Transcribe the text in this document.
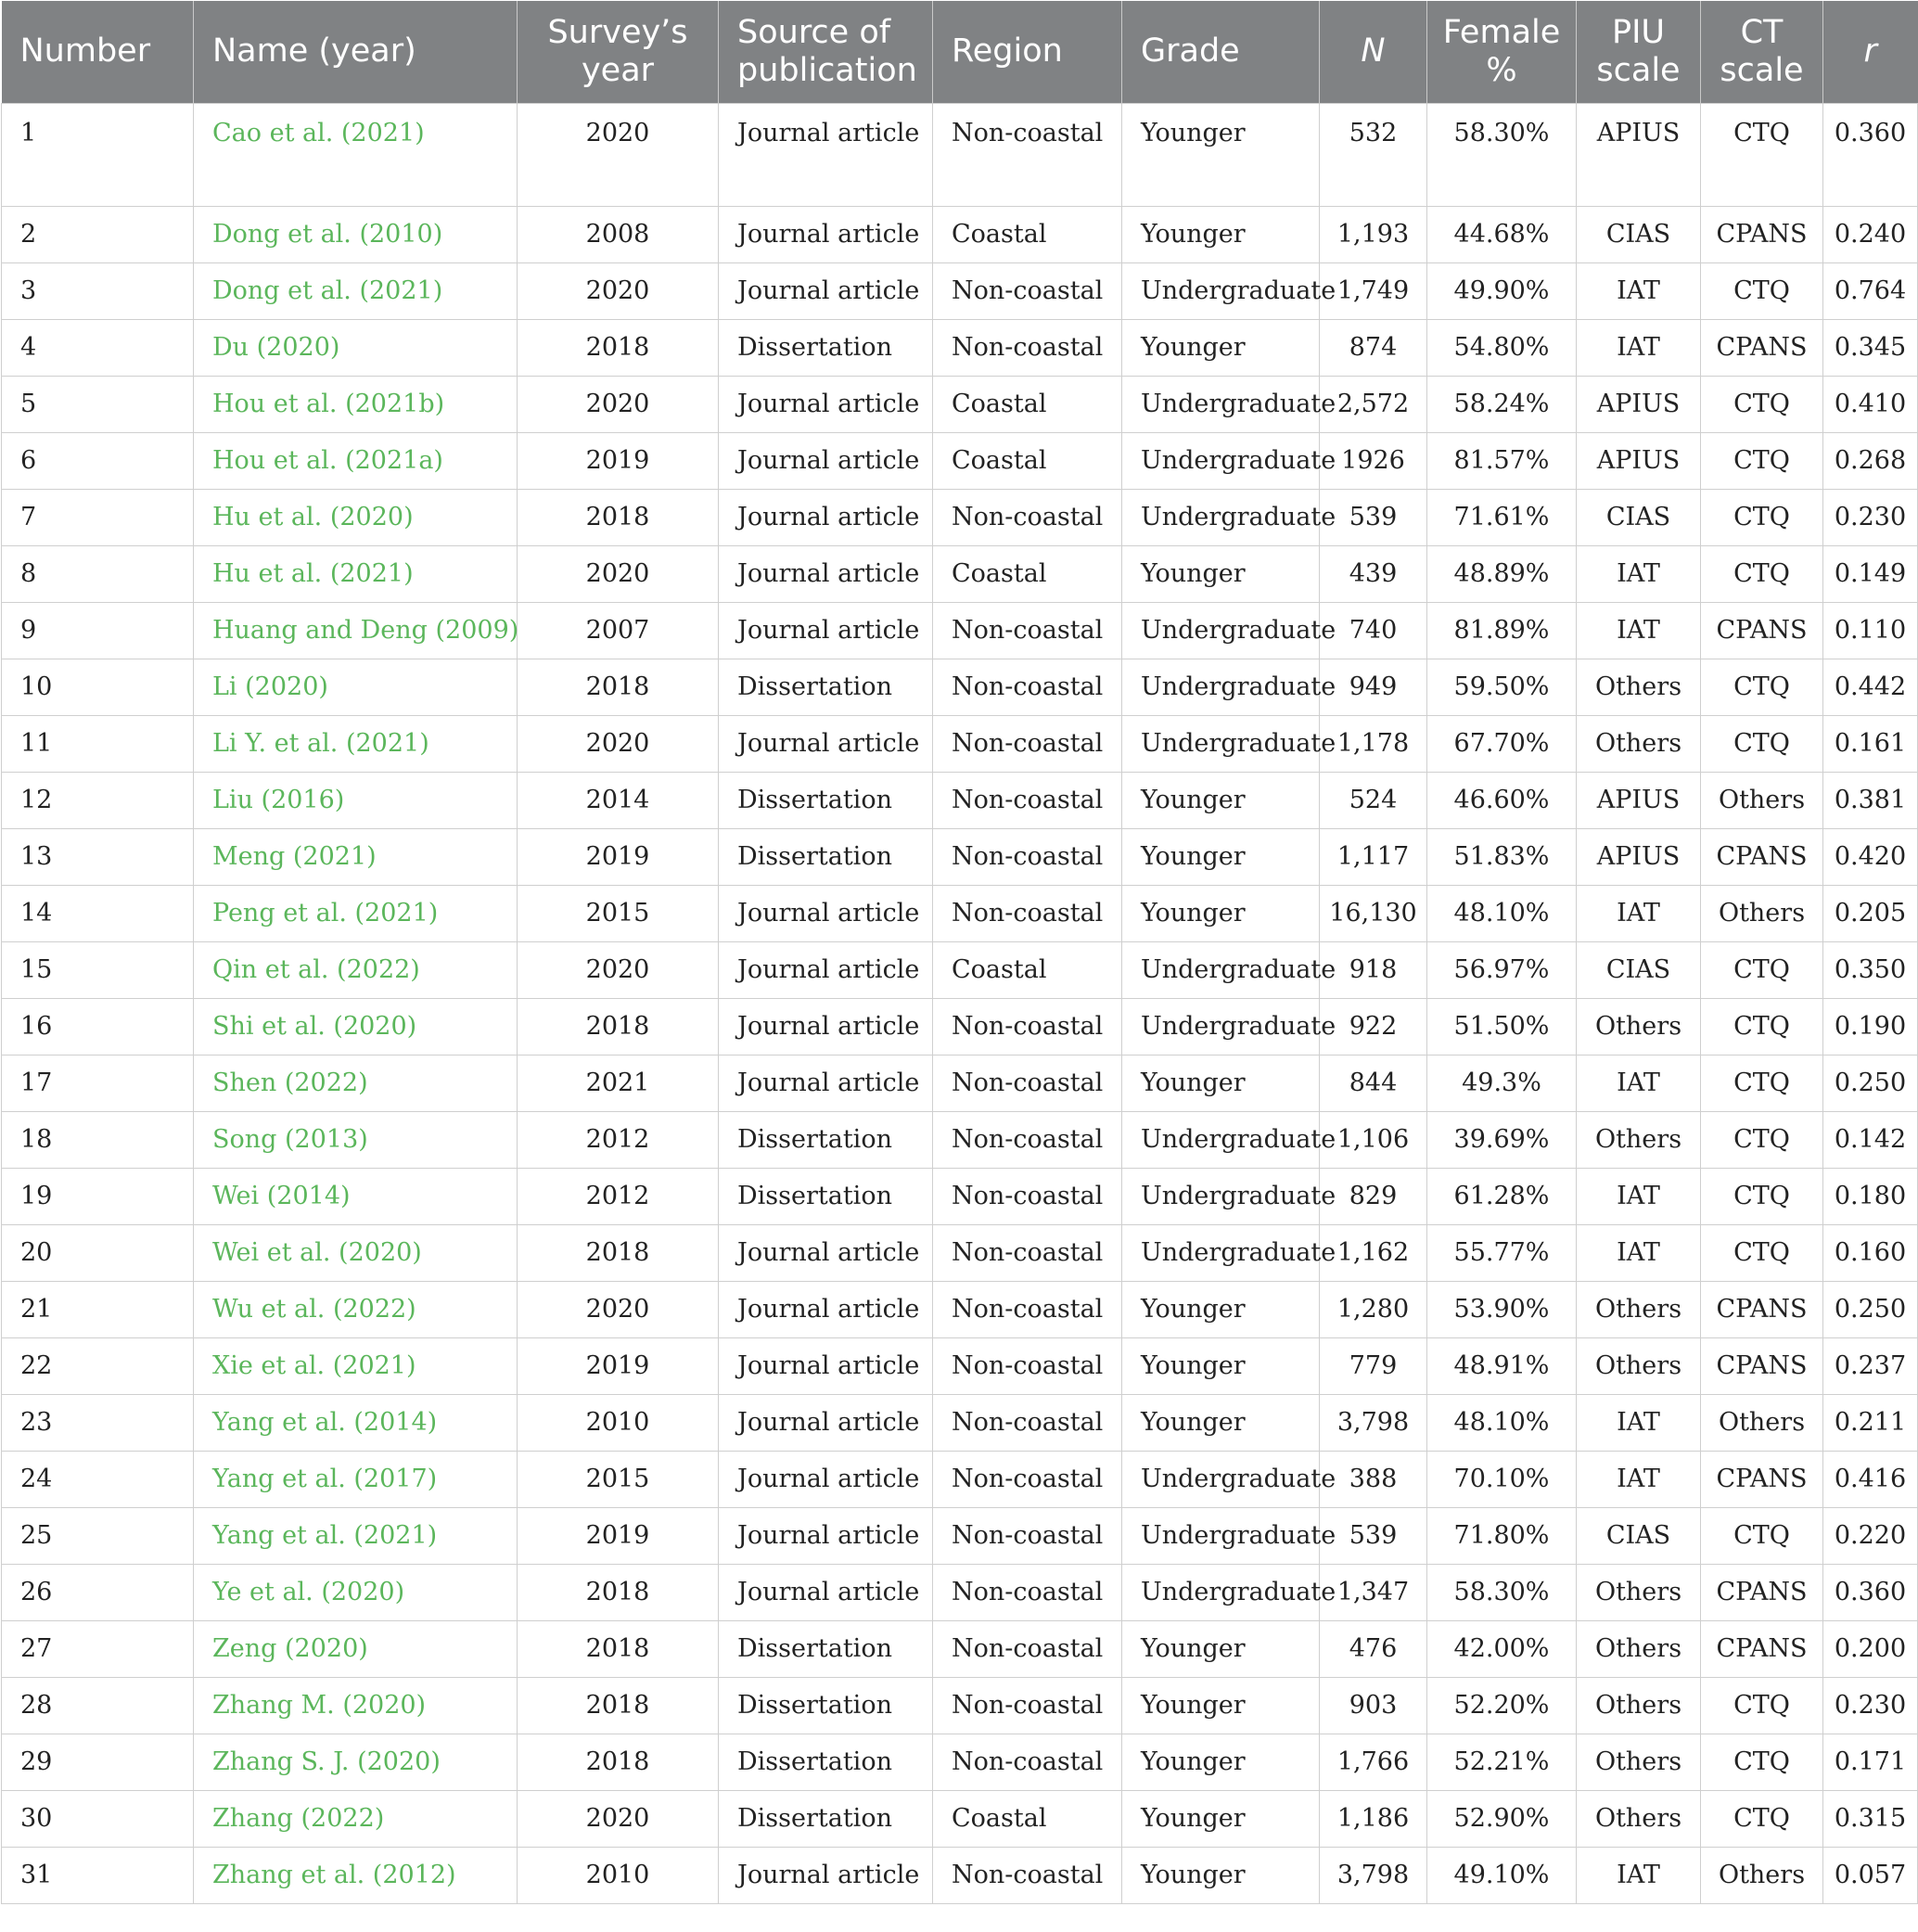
Number	Name (year)	Survey’s year	Source of publication	Region	Grade	N	Female %	PIU scale	CT scale	r
1	Cao et al. (2021)	2020	Journal article	Non-coastal	Younger	532	58.30%	APIUS	CTQ	0.360
2	Dong et al. (2010)	2008	Journal article	Coastal	Younger	1,193	44.68%	CIAS	CPANS	0.240
3	Dong et al. (2021)	2020	Journal article	Non-coastal	Undergraduate	1,749	49.90%	IAT	CTQ	0.764
4	Du (2020)	2018	Dissertation	Non-coastal	Younger	874	54.80%	IAT	CPANS	0.345
5	Hou et al. (2021b)	2020	Journal article	Coastal	Undergraduate	2,572	58.24%	APIUS	CTQ	0.410
6	Hou et al. (2021a)	2019	Journal article	Coastal	Undergraduate	1926	81.57%	APIUS	CTQ	0.268
7	Hu et al. (2020)	2018	Journal article	Non-coastal	Undergraduate	539	71.61%	CIAS	CTQ	0.230
8	Hu et al. (2021)	2020	Journal article	Coastal	Younger	439	48.89%	IAT	CTQ	0.149
9	Huang and Deng (2009)	2007	Journal article	Non-coastal	Undergraduate	740	81.89%	IAT	CPANS	0.110
10	Li (2020)	2018	Dissertation	Non-coastal	Undergraduate	949	59.50%	Others	CTQ	0.442
11	Li Y. et al. (2021)	2020	Journal article	Non-coastal	Undergraduate	1,178	67.70%	Others	CTQ	0.161
12	Liu (2016)	2014	Dissertation	Non-coastal	Younger	524	46.60%	APIUS	Others	0.381
13	Meng (2021)	2019	Dissertation	Non-coastal	Younger	1,117	51.83%	APIUS	CPANS	0.420
14	Peng et al. (2021)	2015	Journal article	Non-coastal	Younger	16,130	48.10%	IAT	Others	0.205
15	Qin et al. (2022)	2020	Journal article	Coastal	Undergraduate	918	56.97%	CIAS	CTQ	0.350
16	Shi et al. (2020)	2018	Journal article	Non-coastal	Undergraduate	922	51.50%	Others	CTQ	0.190
17	Shen (2022)	2021	Journal article	Non-coastal	Younger	844	49.3%	IAT	CTQ	0.250
18	Song (2013)	2012	Dissertation	Non-coastal	Undergraduate	1,106	39.69%	Others	CTQ	0.142
19	Wei (2014)	2012	Dissertation	Non-coastal	Undergraduate	829	61.28%	IAT	CTQ	0.180
20	Wei et al. (2020)	2018	Journal article	Non-coastal	Undergraduate	1,162	55.77%	IAT	CTQ	0.160
21	Wu et al. (2022)	2020	Journal article	Non-coastal	Younger	1,280	53.90%	Others	CPANS	0.250
22	Xie et al. (2021)	2019	Journal article	Non-coastal	Younger	779	48.91%	Others	CPANS	0.237
23	Yang et al. (2014)	2010	Journal article	Non-coastal	Younger	3,798	48.10%	IAT	Others	0.211
24	Yang et al. (2017)	2015	Journal article	Non-coastal	Undergraduate	388	70.10%	IAT	CPANS	0.416
25	Yang et al. (2021)	2019	Journal article	Non-coastal	Undergraduate	539	71.80%	CIAS	CTQ	0.220
26	Ye et al. (2020)	2018	Journal article	Non-coastal	Undergraduate	1,347	58.30%	Others	CPANS	0.360
27	Zeng (2020)	2018	Dissertation	Non-coastal	Younger	476	42.00%	Others	CPANS	0.200
28	Zhang M. (2020)	2018	Dissertation	Non-coastal	Younger	903	52.20%	Others	CTQ	0.230
29	Zhang S. J. (2020)	2018	Dissertation	Non-coastal	Younger	1,766	52.21%	Others	CTQ	0.171
30	Zhang (2022)	2020	Dissertation	Coastal	Younger	1,186	52.90%	Others	CTQ	0.315
31	Zhang et al. (2012)	2010	Journal article	Non-coastal	Younger	3,798	49.10%	IAT	Others	0.057
